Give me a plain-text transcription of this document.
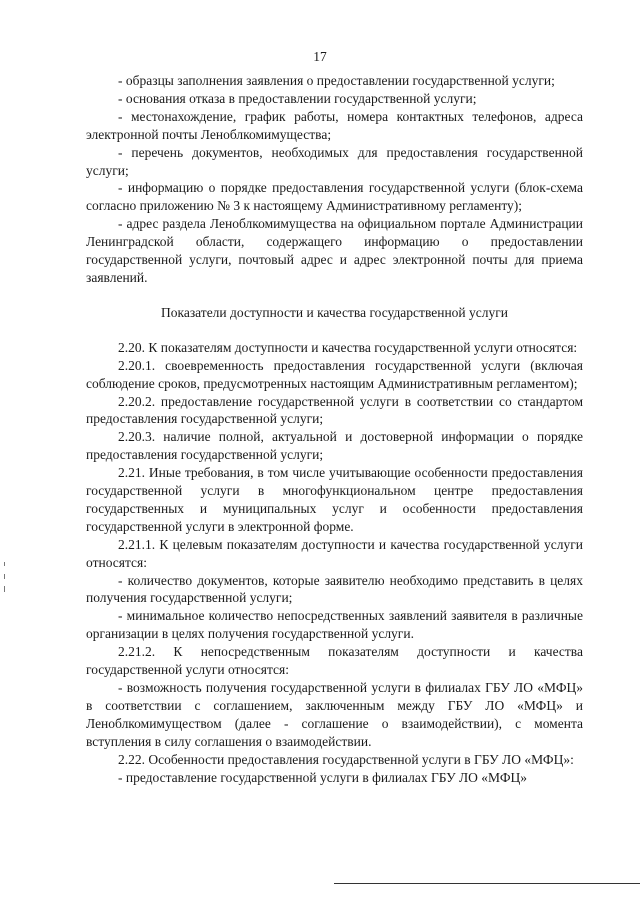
17

- образцы заполнения заявления о предоставлении государственной услуги;

- основания отказа в предоставлении государственной услуги;

- местонахождение, график работы, номера контактных телефонов, адреса электронной почты Леноблкомимущества;

- перечень документов, необходимых для предоставления государственной услуги;

- информацию о порядке предоставления государственной услуги (блок-схема согласно приложению № 3 к настоящему Административному регламенту);

- адрес раздела Леноблкомимущества на официальном портале Администрации Ленинградской области, содержащего информацию о предоставлении государственной услуги, почтовый адрес и адрес электронной почты для приема заявлений.

Показатели доступности и качества государственной услуги

2.20. К показателям доступности и качества государственной услуги относятся:

2.20.1. своевременность предоставления государственной услуги (включая соблюдение сроков, предусмотренных настоящим Административным регламентом);

2.20.2. предоставление государственной услуги в соответствии со стандартом предоставления государственной услуги;

2.20.3. наличие полной, актуальной и достоверной информации о порядке предоставления государственной услуги;

2.21. Иные требования, в том числе учитывающие особенности предоставления государственной услуги в многофункциональном центре предоставления государственных и муниципальных услуг и особенности предоставления государственной услуги в электронной форме.

2.21.1. К целевым показателям доступности и качества государственной услуги относятся:

- количество документов, которые заявителю необходимо представить в целях получения государственной услуги;

- минимальное количество непосредственных заявлений заявителя в различные организации в целях получения государственной услуги.

2.21.2. К непосредственным показателям доступности и качества государственной услуги относятся:

- возможность получения государственной услуги в филиалах ГБУ ЛО «МФЦ» в соответствии с соглашением, заключенным между ГБУ ЛО «МФЦ» и Леноблкомимуществом (далее - соглашение о взаимодействии), с момента вступления в силу соглашения о взаимодействии.

2.22. Особенности предоставления государственной услуги в ГБУ ЛО «МФЦ»:

- предоставление государственной услуги в филиалах ГБУ ЛО «МФЦ»
